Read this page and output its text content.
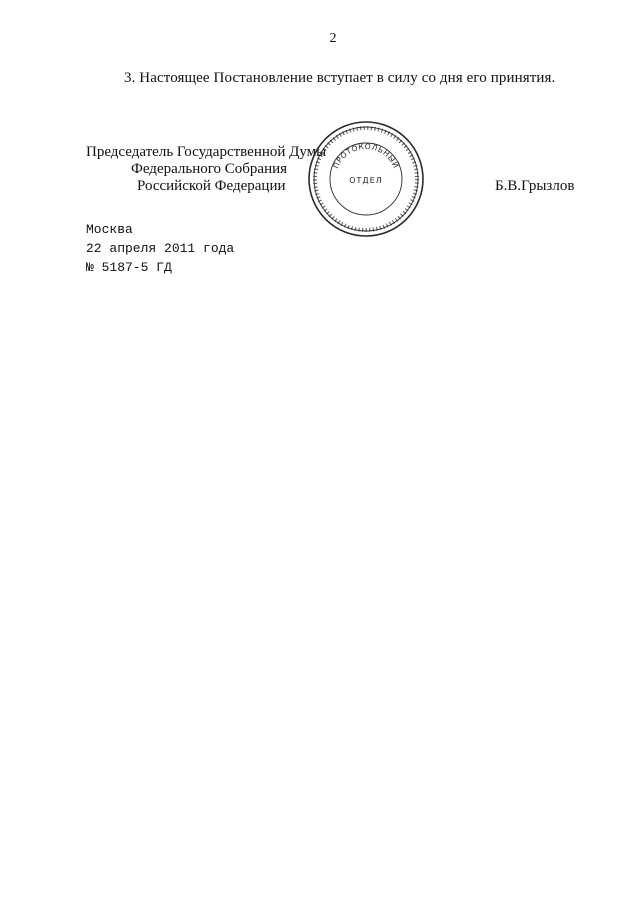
2
3. Настоящее Постановление вступает в силу со дня его принятия.
Председатель Государственной Думы
Федерального Собрания
Российской Федерации
ПРОТОКОЛЬНЫЙ
ОТДЕЛ	Б.В.Грызлов
Москва
22 апреля 2011 года
№ 5187-5 ГД
